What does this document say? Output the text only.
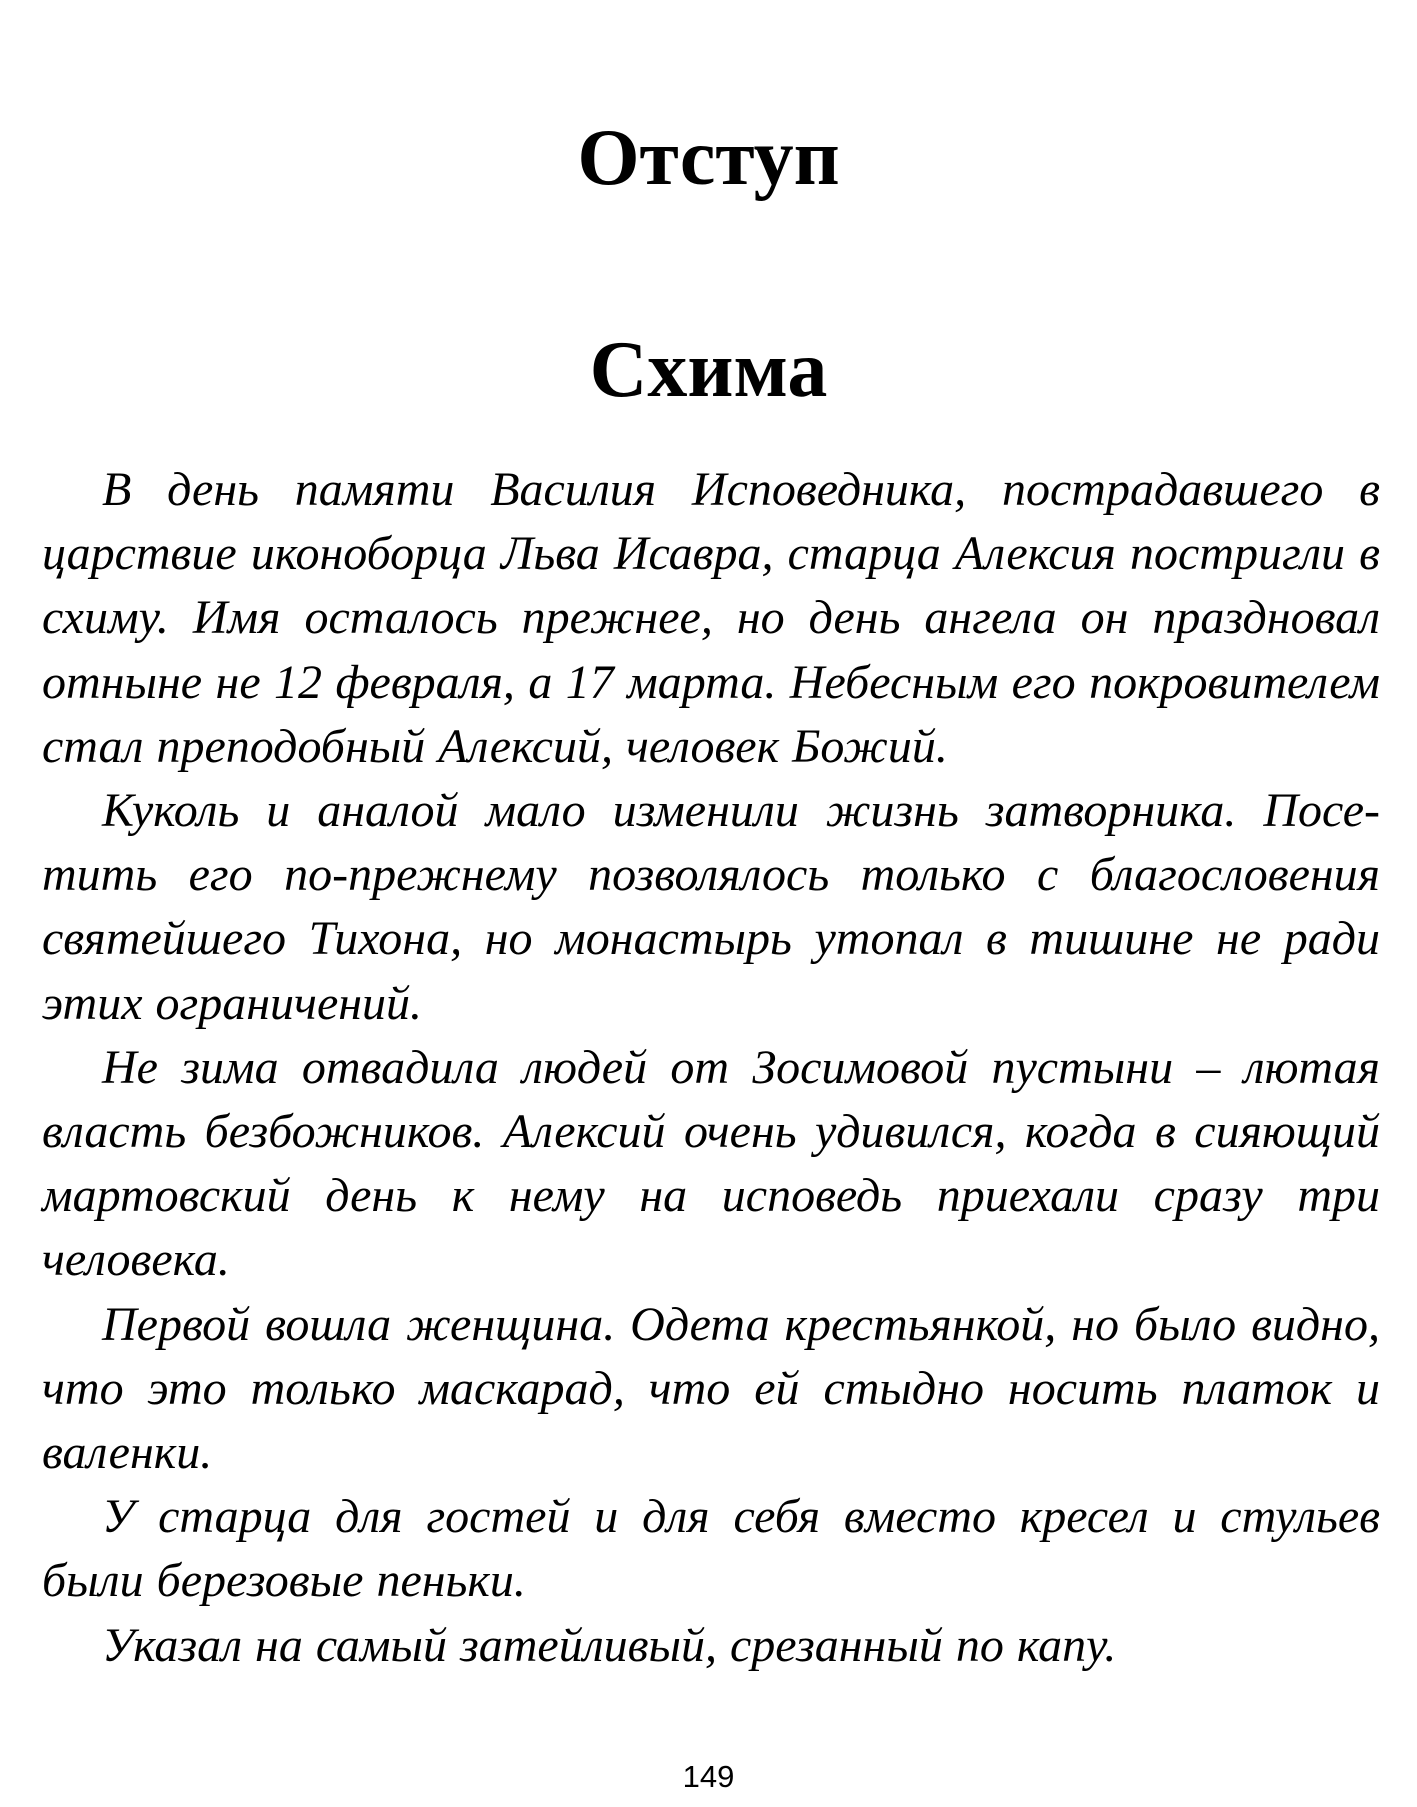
Отступ
Схима

В день памяти Василия Исповедника, пострадавшего в царствие иконоборца Льва Исавра, старца Алексия постригли в схиму. Имя осталось прежнее, но день ангела он праздновал отныне не 12 февраля, а 17 марта. Небесным его покровителем стал преподобный Алексий, человек Божий.

Куколь и аналой мало изменили жизнь затворника. Посетить его по-прежнему позволялось только с благословения святейшего Тихона, но монастырь утопал в тишине не ради этих ограничений.

Не зима отвадила людей от Зосимовой пустыни – лютая власть безбожников. Алексий очень удивился, когда в сияющий мартовский день к нему на исповедь приехали сразу три человека.

Первой вошла женщина. Одета крестьянкой, но было видно, что это только маскарад, что ей стыдно носить платок и валенки.

У старца для гостей и для себя вместо кресел и стульев были березовые пеньки.

Указал на самый затейливый, срезанный по капу.

149
